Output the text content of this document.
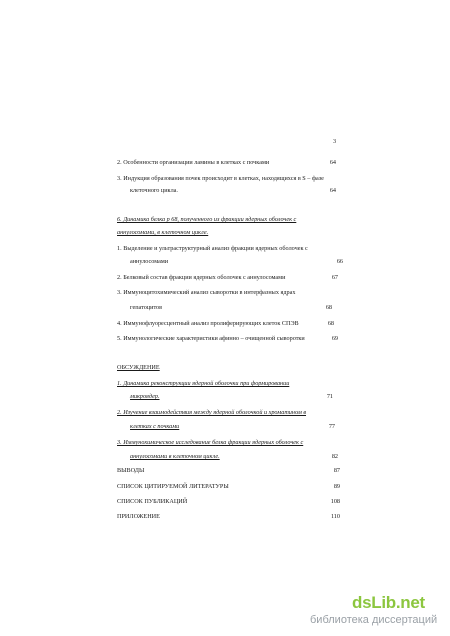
3
2. Особенности организации ламины в клетках с почками	64
3. Индукция образования почек происходит в клетках, находящихся в S – фазе
клеточного цикла.	64
6. Динамика белка р 68, полученного из фракции ядерных оболочек с
аннулосомами, в клеточном цикле.
1. Выделение и ультраструктурный анализ фракции ядерных оболочек с
аннулосомами	66
2. Белковый состав фракции ядерных оболочек с аннулосомами	67
3. Иммуноцитохимический анализ сыворотки в интерфазных ядрах
гепатоцитов	68
4. Иммунофлуоресцентный анализ пролиферирующих клеток СПЭВ	68
5. Иммунологические характеристики афинно – очищенной сыворотки	69
ОБСУЖДЕНИЕ
1. Динамика реконструкции ядерной оболочки при формировании
микроядер.	71
2. Изучение взаимодействия между ядерной оболочкой и хроматином в
клетках с почками	77
3. Иммунохимическое исследование белка фракции ядерных оболочек с
аннулосомами в клеточном цикле.	82
ВЫВОДЫ	87
СПИСОК ЦИТИРУЕМОЙ ЛИТЕРАТУРЫ	89
СПИСОК ПУБЛИКАЦИЙ	108
ПРИЛОЖЕНИЕ	110
dsLib.net
библиотека диссертаций
